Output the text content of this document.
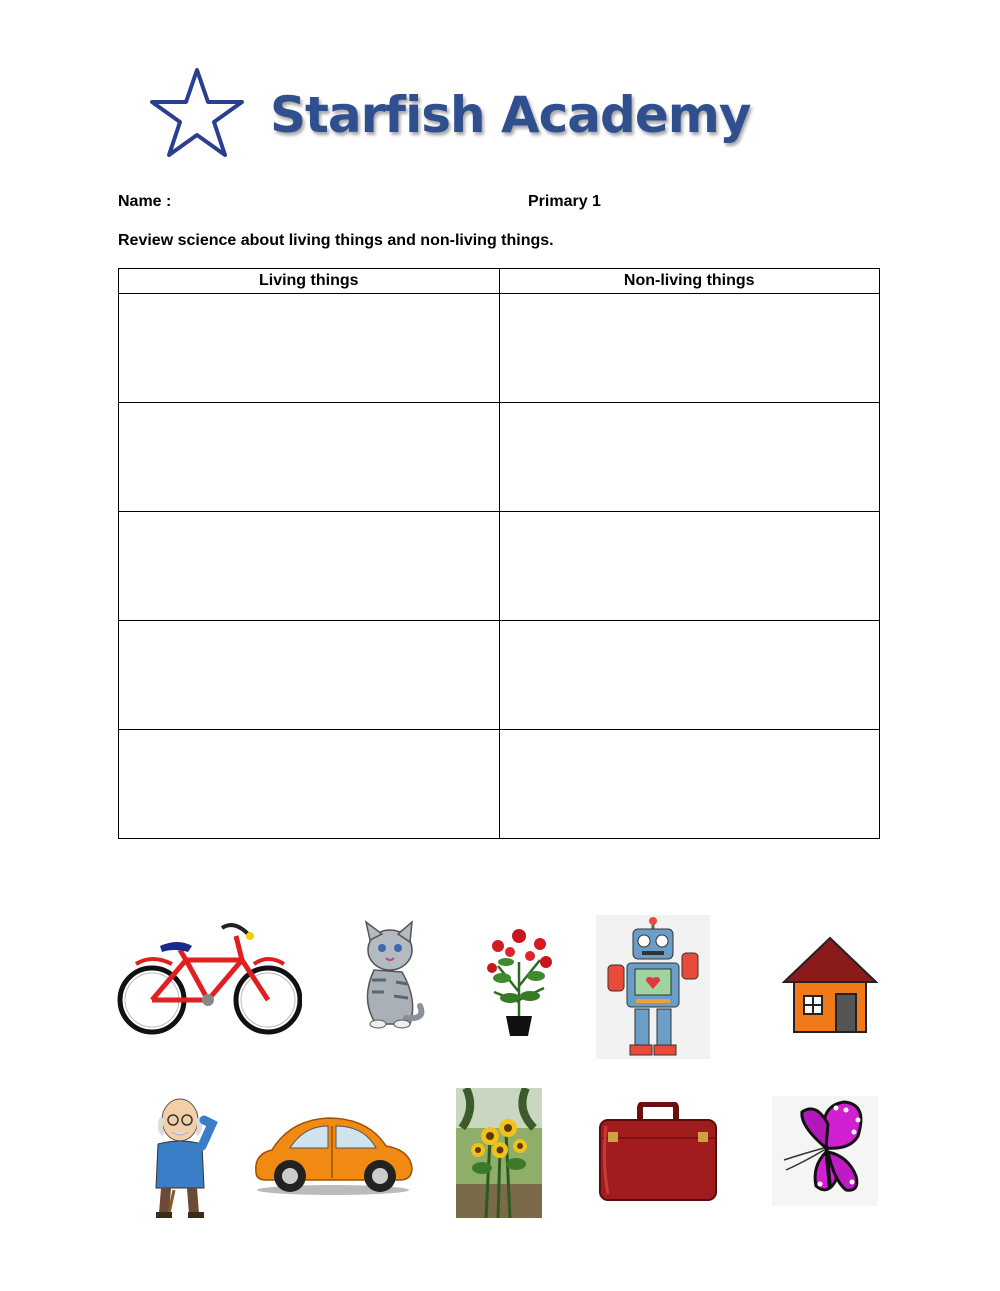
Starfish Academy
Name :	Primary 1
Review science about living things and non-living things.
Living things	Non-living things
